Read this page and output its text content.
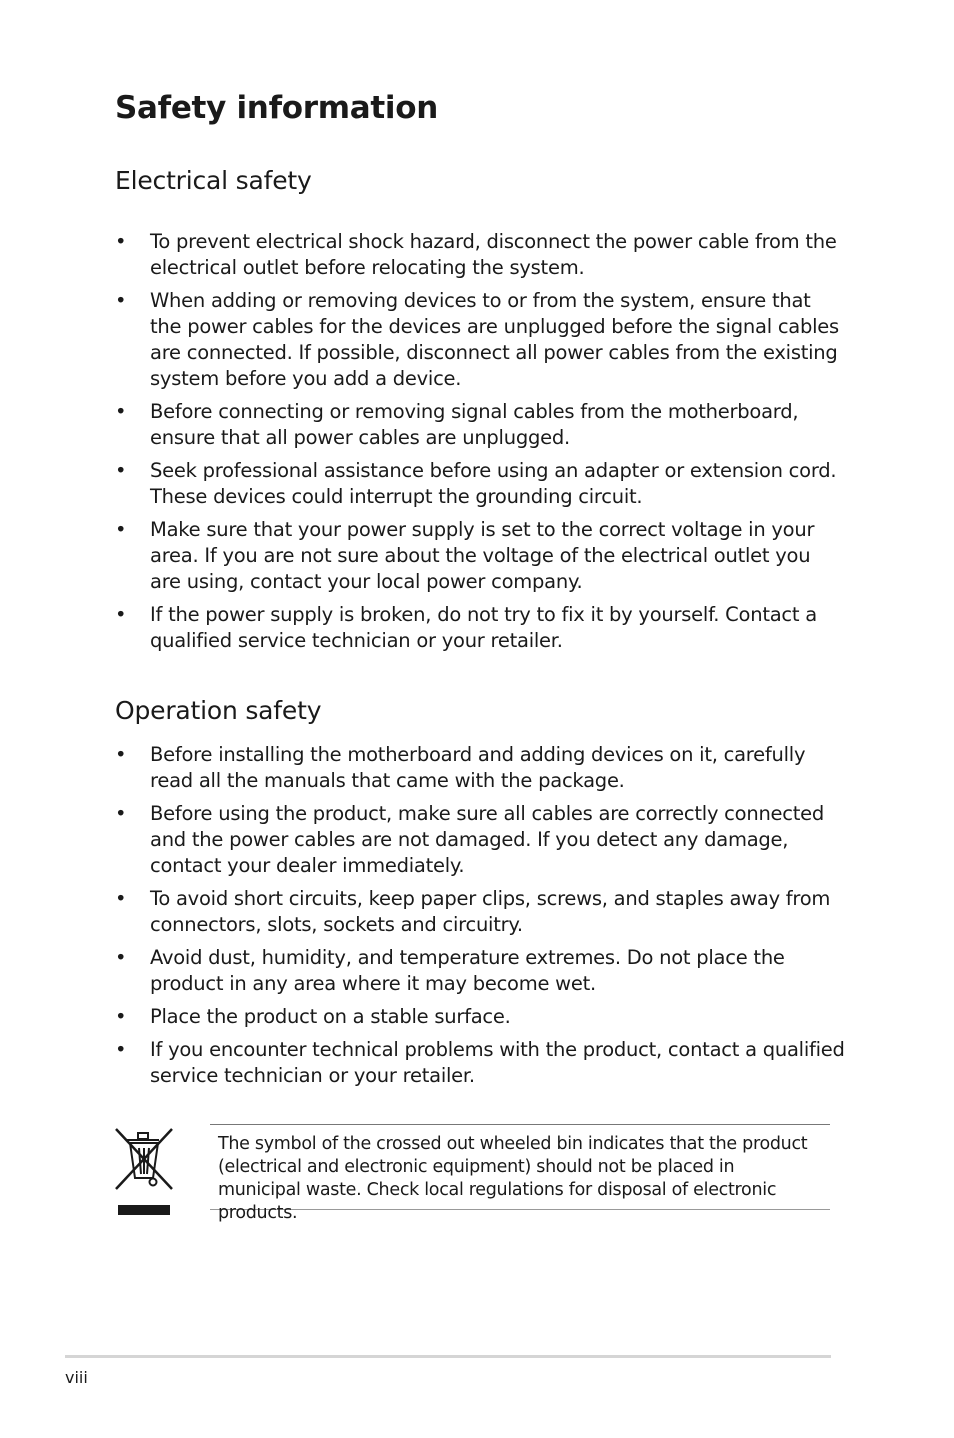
Safety information
Electrical safety
•	To prevent electrical shock hazard, disconnect the power cable from the electrical outlet before relocating the system.
•	When adding or removing devices to or from the system, ensure that the power cables for the devices are unplugged before the signal cables are connected. If possible, disconnect all power cables from the existing system before you add a device.
•	Before connecting or removing signal cables from the motherboard, ensure that all power cables are unplugged.
•	Seek professional assistance before using an adapter or extension cord. These devices could interrupt the grounding circuit.
•	Make sure that your power supply is set to the correct voltage in your area. If you are not sure about the voltage of the electrical outlet you are using, contact your local power company.
•	If the power supply is broken, do not try to fix it by yourself. Contact a qualified service technician or your retailer.
Operation safety
•	Before installing the motherboard and adding devices on it, carefully read all the manuals that came with the package.
•	Before using the product, make sure all cables are correctly connected and the power cables are not damaged. If you detect any damage, contact your dealer immediately.
•	To avoid short circuits, keep paper clips, screws, and staples away from connectors, slots, sockets and circuitry.
•	Avoid dust, humidity, and temperature extremes. Do not place the product in any area where it may become wet.
•	Place the product on a stable surface.
•	If you encounter technical problems with the product, contact a qualified service technician or your retailer.

The symbol of the crossed out wheeled bin indicates that the product (electrical and electronic equipment) should not be placed in municipal waste. Check local regulations for disposal of electronic products.

viii
